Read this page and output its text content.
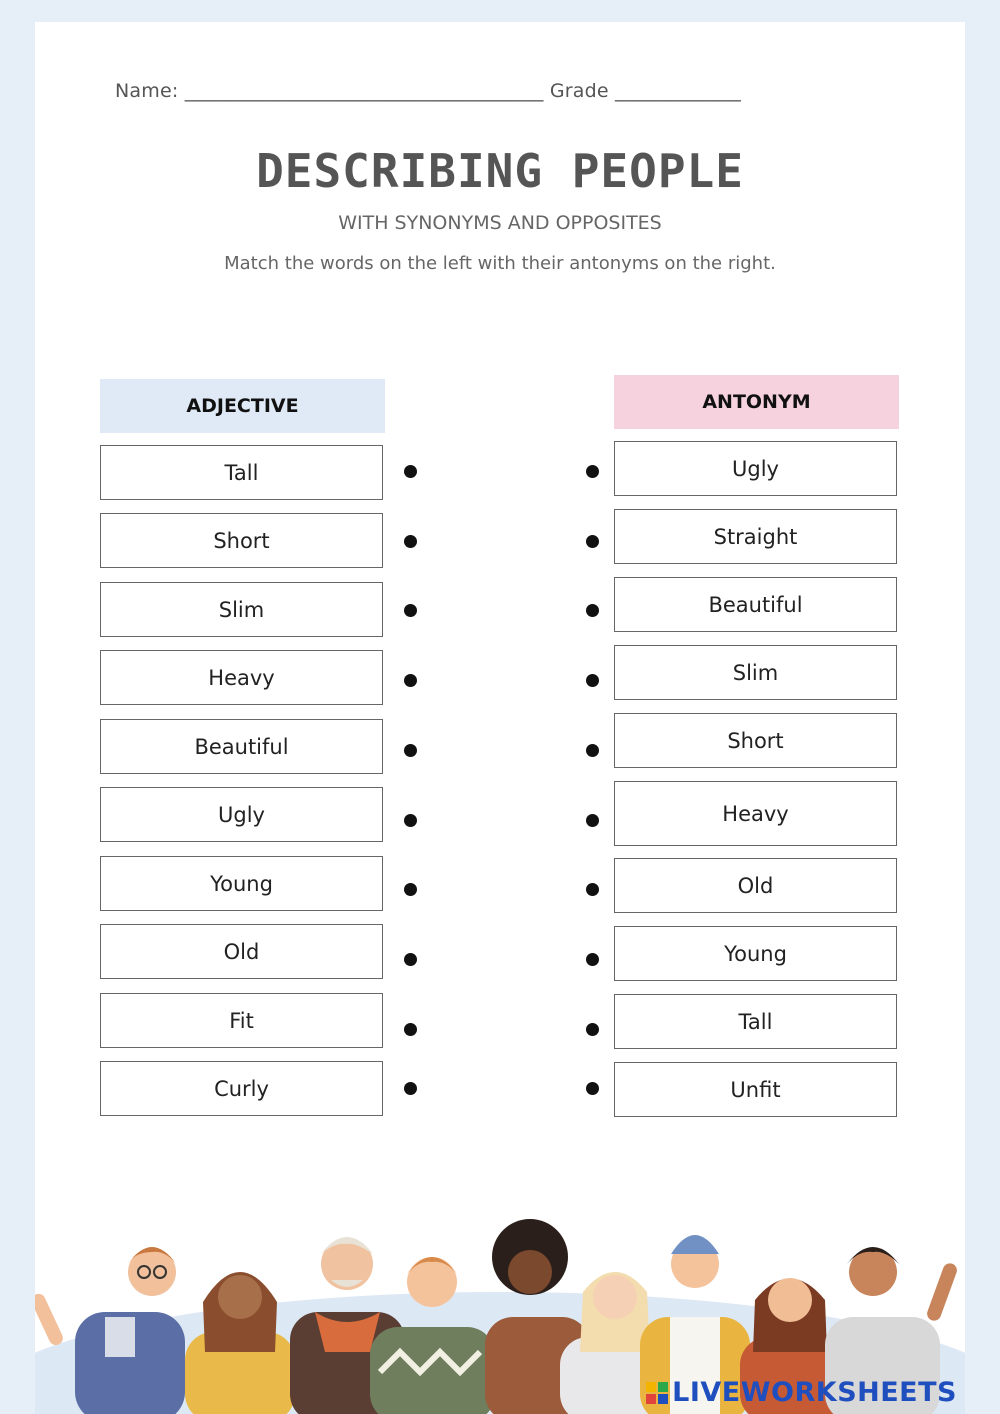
Name: _____________________________________ Grade _____________
DESCRIBING PEOPLE
WITH SYNONYMS AND OPPOSITES
Match the words on the left with their antonyms on the right.
ADJECTIVE	ANTONYM
Tall
Short
Slim
Heavy
Beautiful
Ugly
Young
Old
Fit
Curly
Ugly
Straight
Beautiful
Slim
Short
Heavy
Old
Young
Tall
Unfit
LIVEWORKSHEETS
